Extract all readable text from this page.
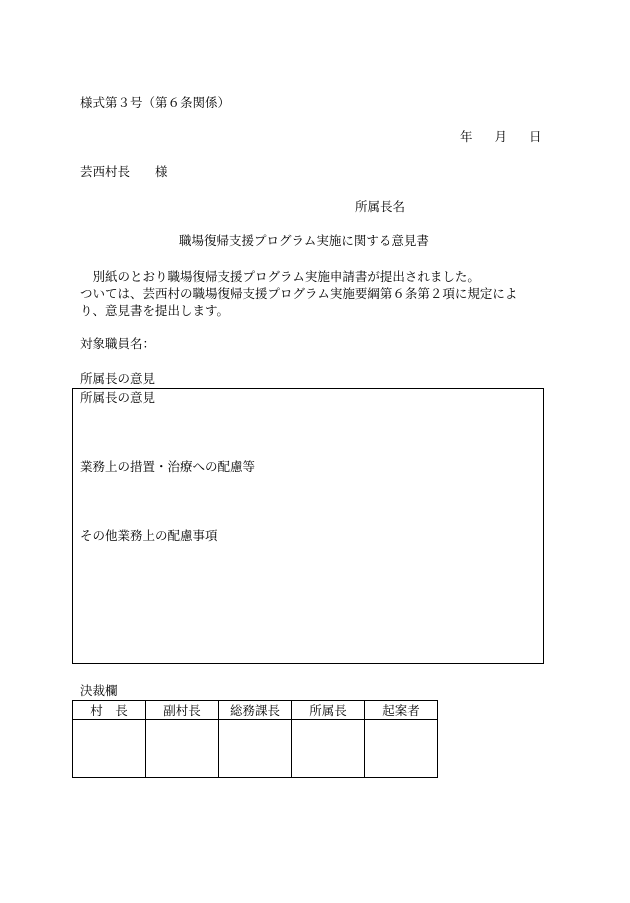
様式第３号（第６条関係）
年 月 日
芸西村長　　様
所属長名
職場復帰支援プログラム実施に関する意見書

　別紙のとおり職場復帰支援プログラム実施申請書が提出されました。

ついては、芸西村の職場復帰支援プログラム実施要綱第６条第２項に規定によ

り、意見書を提出します。

対象職員名：
所属長の意見
所属長の意見
業務上の措置・治療への配慮等
その他業務上の配慮事項
決裁欄
村　長	副村長	総務課長	所属長	起案者
